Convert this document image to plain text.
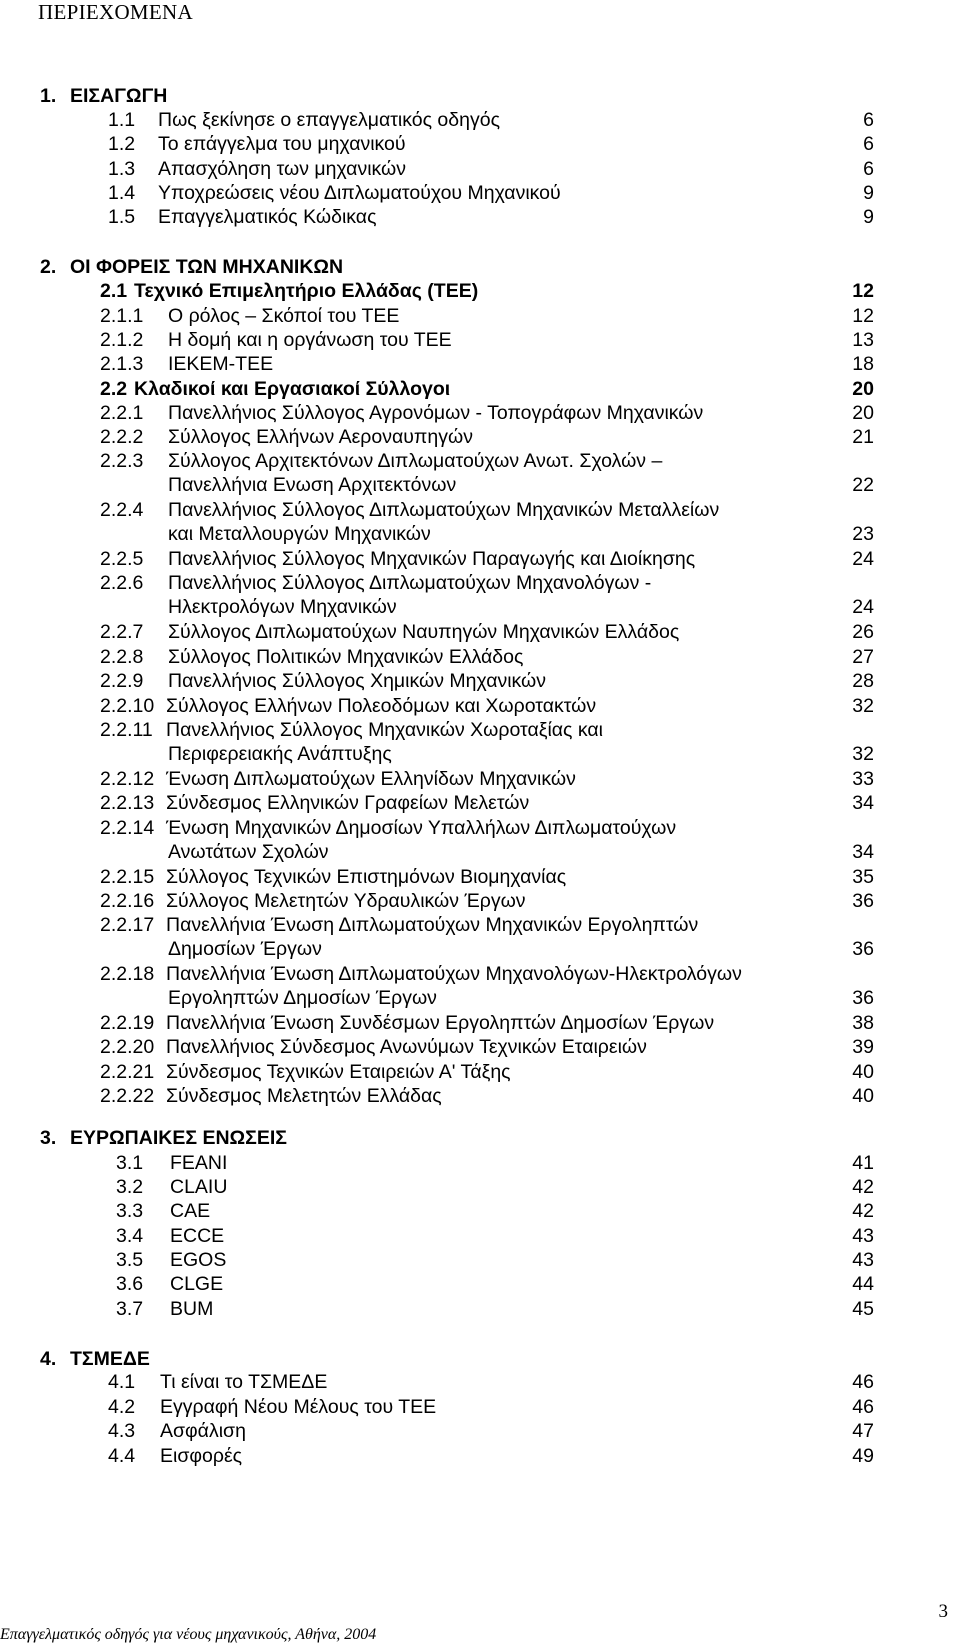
ΠΕΡΙΕΧΟΜΕΝΑ
1. ΕΙΣΑΓΩΓΗ
1.1 Πως ξεκίνησε ο επαγγελματικός οδηγός	6
1.2 Το επάγγελμα του μηχανικού	6
1.3 Απασχόληση των μηχανικών	6
1.4 Υποχρεώσεις νέου Διπλωματούχου Μηχανικού	9
1.5 Επαγγελματικός Κώδικας	9
2. ΟΙ ΦΟΡΕΙΣ ΤΩΝ ΜΗΧΑΝΙΚΩΝ
2.1 Τεχνικό Επιμελητήριο Ελλάδας (ΤΕΕ)	12
2.1.1 Ο ρόλος – Σκόποί του ΤΕΕ	12
2.1.2 Η δομή και η οργάνωση του ΤΕΕ	13
2.1.3 ΙΕΚΕΜ-ΤΕΕ	18
2.2 Κλαδικοί και Εργασιακοί Σύλλογοι	20
2.2.1 Πανελλήνιος Σύλλογος Αγρονόμων - Τοπογράφων Μηχανικών	20
2.2.2 Σύλλογος Ελλήνων Αεροναυπηγών	21
2.2.3 Σύλλογος Αρχιτεκτόνων Διπλωματούχων Ανωτ. Σχολών –
Πανελλήνια Ενωση Αρχιτεκτόνων	22
2.2.4 Πανελλήνιος Σύλλογος Διπλωματούχων Μηχανικών Μεταλλείων
και Μεταλλουργών Μηχανικών	23
2.2.5 Πανελλήνιος Σύλλογος Μηχανικών Παραγωγής και Διοίκησης	24
2.2.6 Πανελλήνιος Σύλλογος Διπλωματούχων Μηχανολόγων -
Ηλεκτρολόγων Μηχανικών	24
2.2.7 Σύλλογος Διπλωματούχων Ναυπηγών Μηχανικών Ελλάδος	26
2.2.8 Σύλλογος Πολιτικών Μηχανικών Ελλάδος	27
2.2.9 Πανελλήνιος Σύλλογος Χημικών Μηχανικών	28
2.2.10 Σύλλογος Ελλήνων Πολεοδόμων και Χωροτακτών	32
2.2.11 Πανελλήνιος Σύλλογος Μηχανικών Χωροταξίας και
Περιφερειακής Ανάπτυξης	32
2.2.12 Ένωση Διπλωματούχων Ελληνίδων Μηχανικών	33
2.2.13 Σύνδεσμος Ελληνικών Γραφείων Μελετών	34
2.2.14 Ένωση Μηχανικών Δημοσίων Υπαλλήλων Διπλωματούχων
Ανωτάτων Σχολών	34
2.2.15 Σύλλογος Τεχνικών Επιστημόνων Βιομηχανίας	35
2.2.16 Σύλλογος Μελετητών Υδραυλικών Έργων	36
2.2.17 Πανελλήνια Ένωση Διπλωματούχων Μηχανικών Εργοληπτών
Δημοσίων Έργων	36
2.2.18 Πανελλήνια Ένωση Διπλωματούχων Μηχανολόγων-Ηλεκτρολόγων
Εργοληπτών Δημοσίων Έργων	36
2.2.19 Πανελλήνια Ένωση Συνδέσμων Εργοληπτών Δημοσίων Έργων	38
2.2.20 Πανελλήνιος Σύνδεσμος Ανωνύμων Τεχνικών Εταιρειών	39
2.2.21 Σύνδεσμος Τεχνικών Εταιρειών Α' Τάξης	40
2.2.22 Σύνδεσμος Μελετητών Ελλάδας	40
3. ΕΥΡΩΠΑΙΚΕΣ ΕΝΩΣΕΙΣ
3.1 FEANI	41
3.2 CLAIU	42
3.3 CAE	42
3.4 ECCE	43
3.5 EGOS	43
3.6 CLGE	44
3.7 BUM	45
4. ΤΣΜΕΔΕ
4.1 Τι είναι το ΤΣΜΕΔΕ	46
4.2 Εγγραφή Νέου Μέλους του ΤΕΕ	46
4.3 Ασφάλιση	47
4.4 Εισφορές	49
3
Επαγγελματικός οδηγός για νέους μηχανικούς, Αθήνα, 2004
